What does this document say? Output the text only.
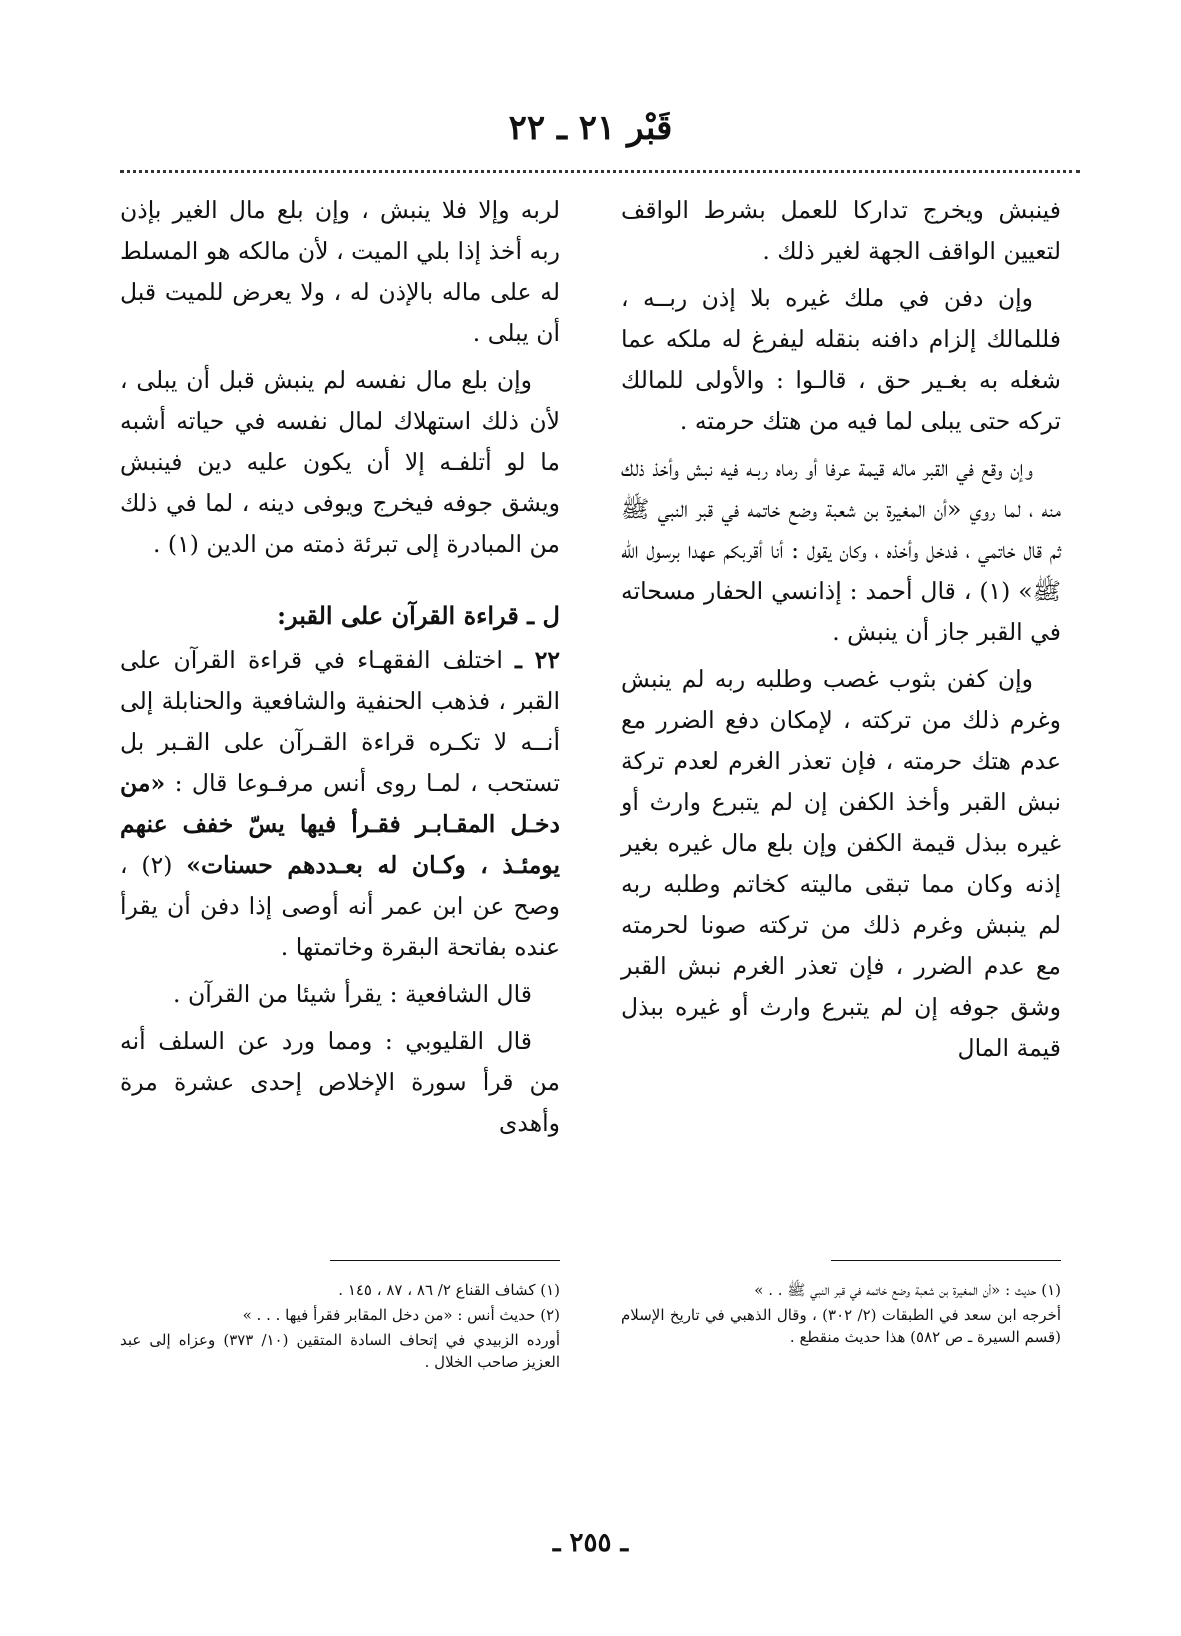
قَبْر ٢١ ـ ٢٢

فينبش ويخرج تداركا للعمل بشرط الواقف لتعيين الواقف الجهة لغير ذلك .

وإن دفن في ملك غيره بلا إذن ربــه ، فللمالك إلزام دافنه بنقله ليفرغ له ملكه عما شغله به بغـير حق ، قالـوا : والأولى للمالك تركه حتى يبلى لما فيه من هتك حرمته .

وإن وقع في القبر ماله قيمة عرفا أو رماه ربـه فيه نبش وأخذ ذلك منه ، لما روي «أن المغيرة بن شعبة وضع خاتمه في قبر النبي ﷺ ثم قال خاتمي ، فدخل وأخذه ، وكان يقول : أنا أقربكم عهدا برسول الله ﷺ» (١) ، قال أحمد : إذانسي الحفار مسحاته في القبر جاز أن ينبش .

وإن كفن بثوب غصب وطلبه ربه لم ينبش وغرم ذلك من تركته ، لإمكان دفع الضرر مع عدم هتك حرمته ، فإن تعذر الغرم لعدم تركة نبش القبر وأخذ الكفن إن لم يتبرع وارث أو غيره ببذل قيمة الكفن وإن بلع مال غيره بغير إذنه وكان مما تبقى ماليته كخاتم وطلبه ربه لم ينبش وغرم ذلك من تركته صونا لحرمته مع عدم الضرر ، فإن تعذر الغرم نبش القبر وشق جوفه إن لم يتبرع وارث أو غيره ببذل قيمة المال

لربه وإلا فلا ينبش ، وإن بلع مال الغير بإذن ربه أخذ إذا بلي الميت ، لأن مالكه هو المسلط له على ماله بالإذن له ، ولا يعرض للميت قبل أن يبلى .

وإن بلع مال نفسه لم ينبش قبل أن يبلى ، لأن ذلك استهلاك لمال نفسه في حياته أشبه ما لو أتلفـه إلا أن يكون عليه دين فينبش ويشق جوفه فيخرج ويوفى دينه ، لما في ذلك من المبادرة إلى تبرئة ذمته من الدين (١) .

ل ـ قراءة القرآن على القبر:

٢٢ ـ اختلف الفقهـاء في قراءة القرآن على القبر ، فذهب الحنفية والشافعية والحنابلة إلى أنــه لا تكـره قراءة القـرآن على القـبر بل تستحب ، لمـا روى أنس مرفـوعا قال : «من دخـل المقـابـر فقـرأ فيها يسّ خفف عنهم يومئـذ ، وكـان له بعـددهم حسنات» (٢) ، وصح عن ابن عمر أنه أوصى إذا دفن أن يقرأ عنده بفاتحة البقرة وخاتمتها .

قال الشافعية : يقرأ شيئا من القرآن .

قال القليوبي : ومما ورد عن السلف أنه من قرأ سورة الإخلاص إحدى عشرة مرة وأهدى

(١) حديث : «أن المغيرة بن شعبة وضع خاتمه في قبر النبي ﷺ . . »

أخرجه ابن سعد في الطبقات (٢/ ٣٠٢) ، وقال الذهبي في تاريخ الإسلام (قسم السيرة ـ ص ٥٨٢) هذا حديث منقطع .

(١) كشاف القناع ٢/ ٨٦ ، ٨٧ ، ١٤٥ .

(٢) حديث أنس : «من دخل المقابر فقرأ فيها . . . »

أورده الزبيدي في إتحاف السادة المتقين (١٠/ ٣٧٣) وعزاه إلى عبد العزيز صاحب الخلال .

ـ ٢٥٥ ـ
